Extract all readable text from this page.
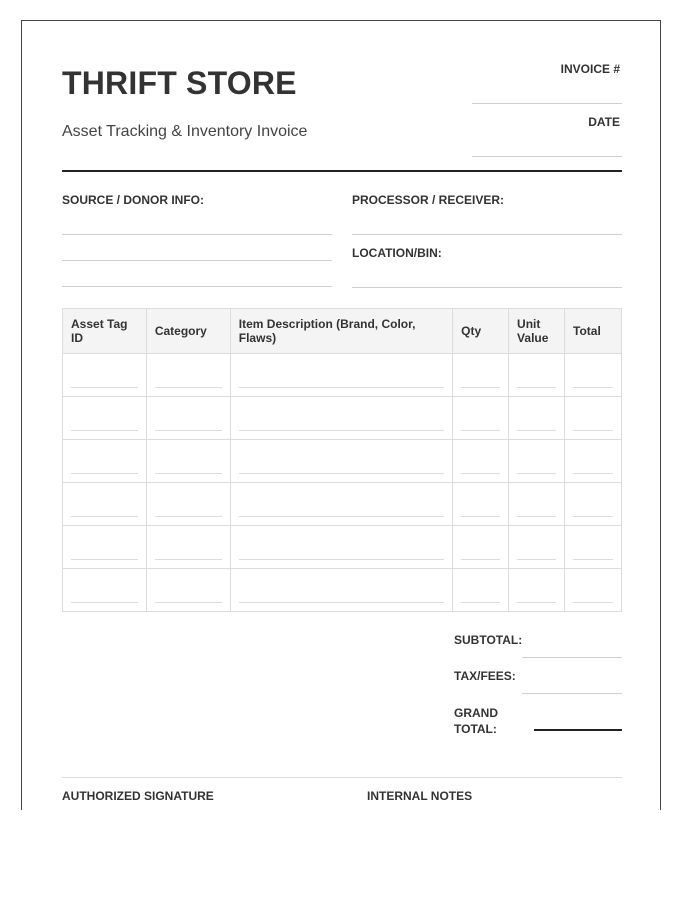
THRIFT STORE
Asset Tracking & Inventory Invoice
INVOICE #
DATE
SOURCE / DONOR INFO:	PROCESSOR / RECEIVER:
LOCATION/BIN:
Asset Tag ID	Category	Item Description (Brand, Color, Flaws)	Qty	Unit Value	Total

SUBTOTAL:
TAX/FEES:
GRAND
TOTAL:
AUTHORIZED SIGNATURE	INTERNAL NOTES
